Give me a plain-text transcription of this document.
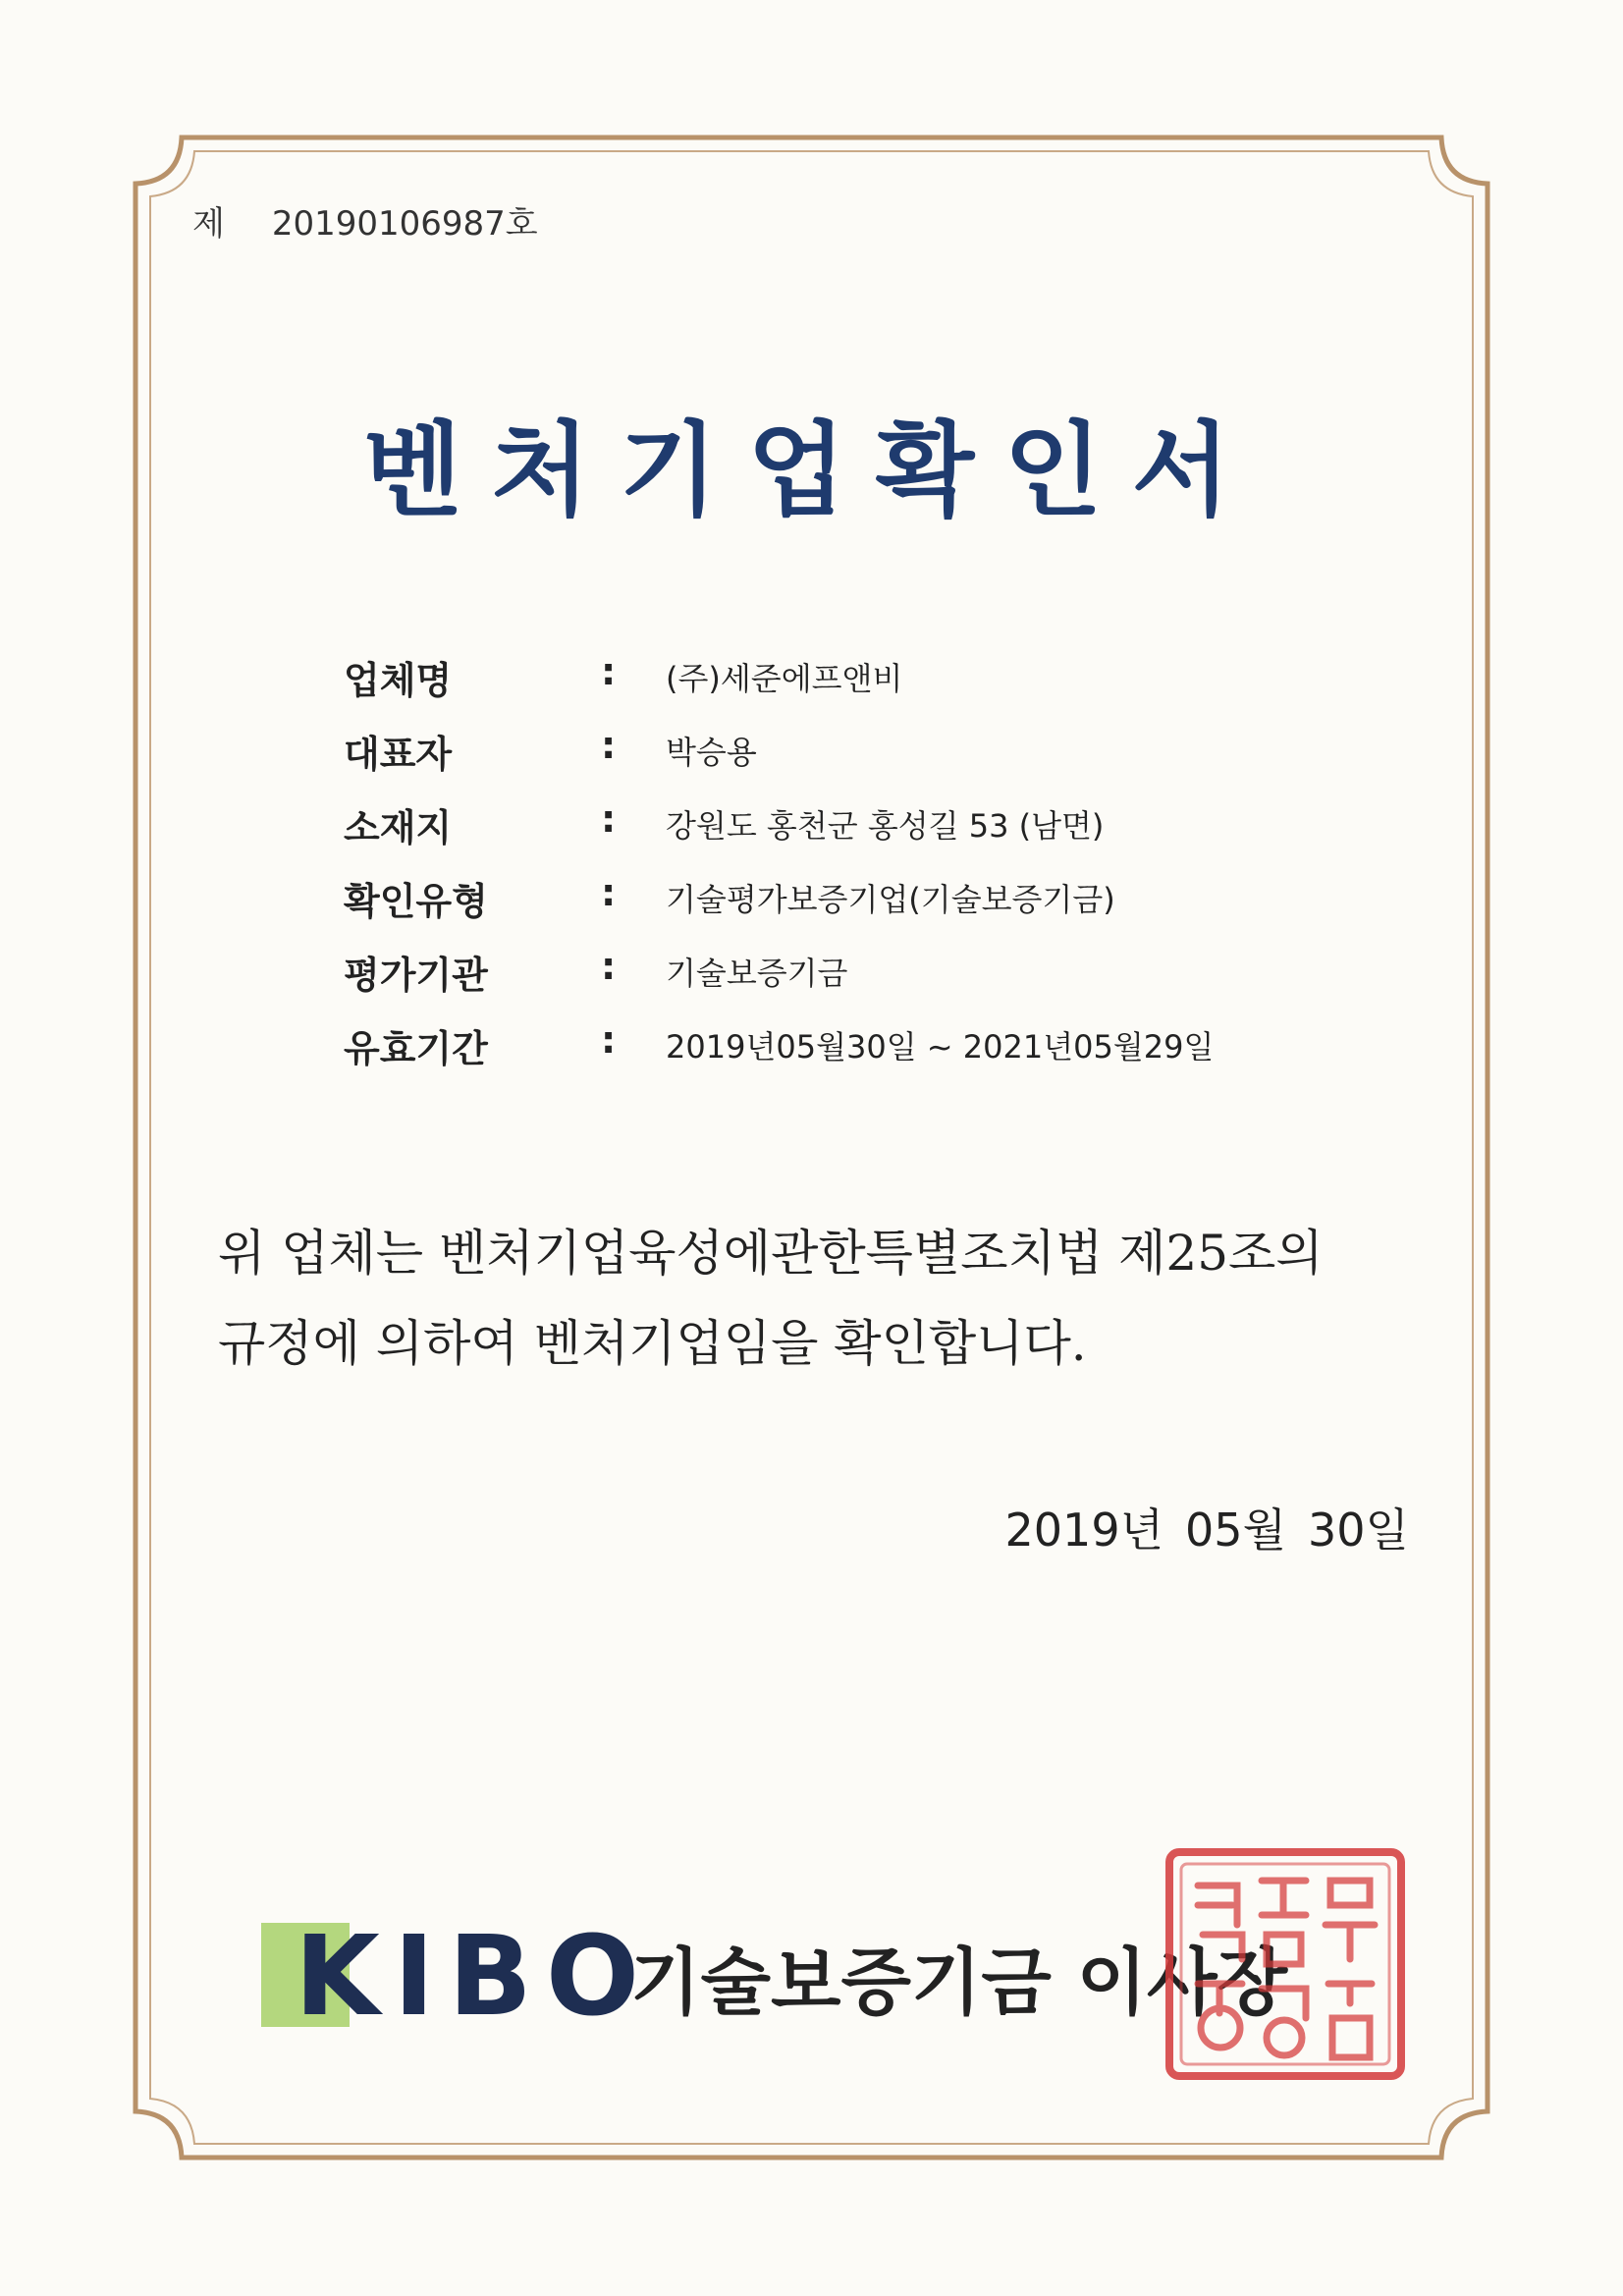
제 20190106987호
벤처기업확인서
업체명	: (주)세준에프앤비
대표자	: 박승용
소재지	: 강원도 홍천군 홍성길 53 (남면)
확인유형	: 기술평가보증기업(기술보증기금)
평가기관	: 기술보증기금
유효기간	: 2019년05월30일 ~ 2021년05월29일
위 업체는 벤처기업육성에관한특별조치법 제25조의
규정에 의하여 벤처기업임을 확인합니다.
2019년 05월 30일
KIBO
기술보증기금 이사장
